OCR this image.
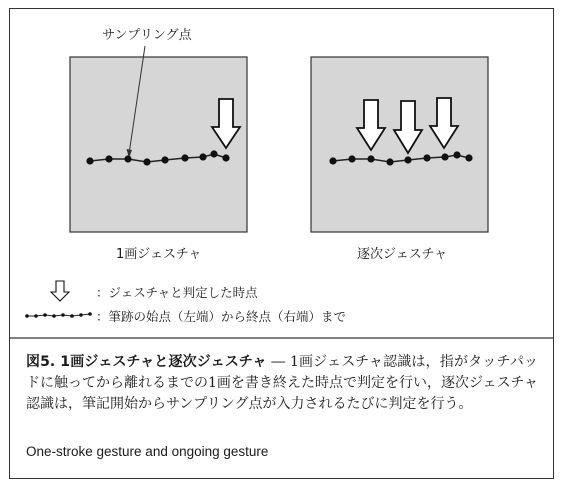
サンプリング点
1画ジェスチャ	逐次ジェスチャ
：ジェスチャと判定した時点
：筆跡の始点（左端）から終点（右端）まで
図5. 1画ジェスチャと逐次ジェスチャ ― 1画ジェスチャ認識は，指がタッチパッドに触ってから離れるまでの1画を書き終えた時点で判定を行い，逐次ジェスチャ認識は，筆記開始からサンプリング点が入力されるたびに判定を行う。
One-stroke gesture and ongoing gesture
